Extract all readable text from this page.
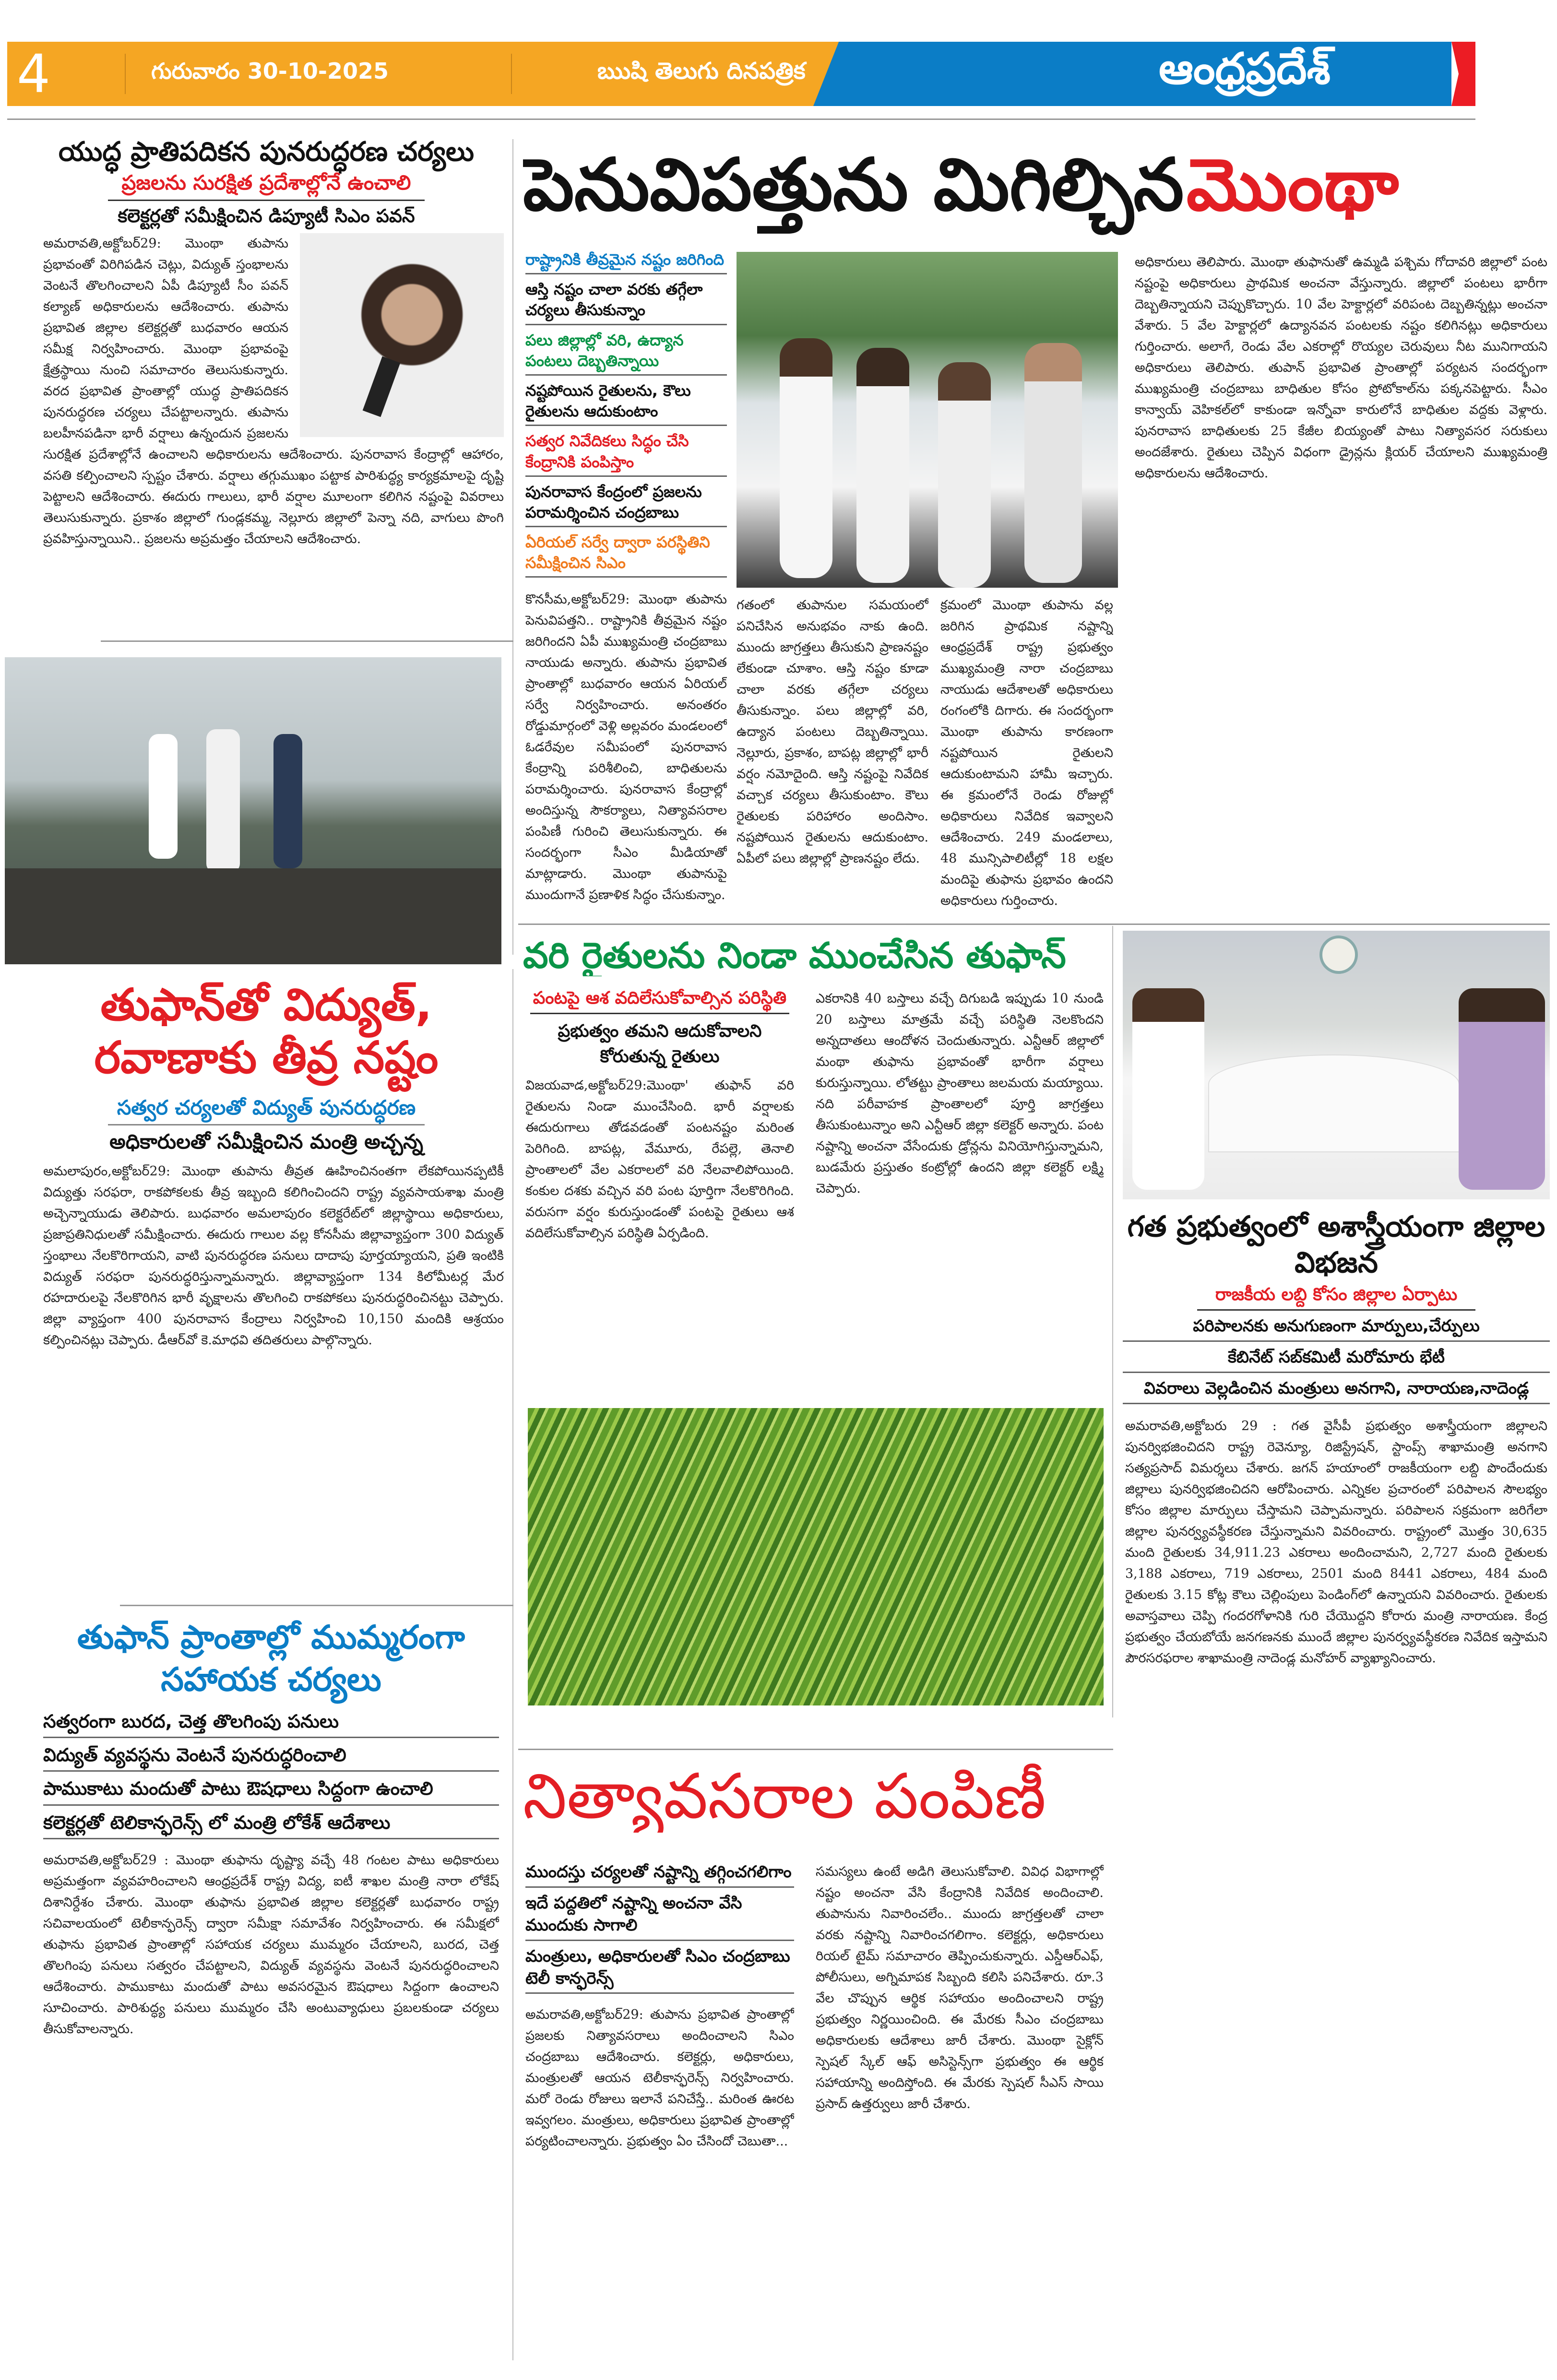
4	గురువారం 30-10-2025	ఋషి తెలుగు దినపత్రిక	ఆంధ్రప్రదేశ్
యుద్ధ ప్రాతిపదికన పునరుద్ధరణ చర్యలు
ప్రజలను సురక్షిత ప్రదేశాల్లోనే ఉంచాలి
కలెక్టర్లతో సమీక్షించిన డిప్యూటీ సిఎం పవన్
అమరావతి,అక్టోబర్29: మొంథా తుపాను ప్రభావంతో విరిగిపడిన చెట్లు, విద్యుత్ స్తంభాలను వెంటనే తొలగించాలని ఏపీ డిప్యూటీ సీం పవన్ కల్యాణ్ అధికారులను ఆదేశించారు. తుపాను ప్రభావిత జిల్లాల కలెక్టర్లతో బుధవారం ఆయన సమీక్ష నిర్వహించారు. మొంథా ప్రభావంపై క్షేత్రస్థాయి నుంచి సమాచారం తెలుసుకున్నారు. వరద ప్రభావిత ప్రాంతాల్లో యుద్ధ ప్రాతిపదికన పునరుద్ధరణ చర్యలు చేపట్టాలన్నారు. తుపాను బలహీనపడినా భారీ వర్షాలు ఉన్నందున ప్రజలను సురక్షిత ప్రదేశాల్లోనే ఉంచాలని అధికారులను ఆదేశించారు. పునరావాస కేంద్రాల్లో ఆహారం, వసతి కల్పించాలని స్పష్టం చేశారు. వర్షాలు తగ్గుముఖం పట్టాక పారిశుద్ధ్య కార్యక్రమాలపై దృష్టి పెట్టాలని ఆదేశించారు. ఈదురు గాలులు, భారీ వర్షాల మూలంగా కలిగిన నష్టంపై వివరాలు తెలుసుకున్నారు. ప్రకాశం జిల్లాలో గుండ్లకమ్మ, నెల్లూరు జిల్లాలో పెన్నా నది, వాగులు పొంగి ప్రవహిస్తున్నాయిని.. ప్రజలను అప్రమత్తం చేయాలని ఆదేశించారు.
పెనువిపత్తును మిగిల్చిన మొంథా
రాష్ట్రానికి తీవ్రమైన నష్టం జరిగింది
ఆస్తి నష్టం చాలా వరకు తగ్గేలా చర్యలు తీసుకున్నాం
పలు జిల్లాల్లో వరి, ఉద్యాన పంటలు దెబ్బతిన్నాయి
నష్టపోయిన రైతులను, కౌలు రైతులను ఆదుకుంటాం
సత్వర నివేదికలు సిద్ధం చేసి కేంద్రానికి పంపిస్తాం
పునరావాస కేంద్రంలో ప్రజలను పరామర్శించిన చంద్రబాబు
ఏరియల్ సర్వే ద్వారా పరస్థితిని సమీక్షించిన సిఎం
కొనసీమ,అక్టోబర్29: మొంథా తుపాను పెనువిపత్తని.. రాష్ట్రానికి తీవ్రమైన నష్టం జరిగిందని ఏపీ ముఖ్యమంత్రి చంద్రబాబు నాయుడు అన్నారు. తుపాను ప్రభావిత ప్రాంతాల్లో బుధవారం ఆయన ఏరియల్ సర్వే నిర్వహించారు. అనంతరం రోడ్డుమార్గంలో వెళ్లి అల్లవరం మండలంలో ఓడరేవుల సమీపంలో పునరావాస కేంద్రాన్ని పరిశీలించి, బాధితులను పరామర్శించారు. పునరావాస కేంద్రాల్లో అందిస్తున్న సౌకర్యాలు, నిత్యావసరాల పంపిణీ గురించి తెలుసుకున్నారు. ఈ సందర్భంగా సీఎం మీడియాతో మాట్లాడారు. మొంథా తుపానుపై ముందుగానే ప్రణాళిక సిద్ధం చేసుకున్నాం.
అధికారులు తెలిపారు. మొంథా తుఫానుతో ఉమ్మడి పశ్చిమ గోదావరి జిల్లాలో పంట నష్టంపై అధికారులు ప్రాథమిక అంచనా వేస్తున్నారు. జిల్లాలో పంటలు భారీగా దెబ్బతిన్నాయని చెప్పుకొచ్చారు. 10 వేల హెక్టార్లలో వరిపంట దెబ్బతిన్నట్లు అంచనా వేశారు. 5 వేల హెక్టార్లలో ఉద్యానవన పంటలకు నష్టం కలిగినట్లు అధికారులు గుర్తించారు. అలాగే, రెండు వేల ఎకరాల్లో రొయ్యల చెరువులు నీట మునిగాయని అధికారులు తెలిపారు. తుపాన్ ప్రభావిత ప్రాంతాల్లో పర్యటన సందర్భంగా ముఖ్యమంత్రి చంద్రబాబు బాధితుల కోసం ప్రోటోకాల్‌ను పక్కనపెట్టారు. సీఎం కాన్వాయ్ వెహికల్‌లో కాకుండా ఇన్నోవా కారులోనే బాధితుల వద్దకు వెళ్లారు. పునరావాస బాధితులకు 25 కేజీల బియ్యంతో పాటు నిత్యావసర సరుకులు అందజేశారు. రైతులు చెప్పిన విధంగా డ్రైన్లను క్లియర్ చేయాలని ముఖ్యమంత్రి అధికారులను ఆదేశించారు.
గతంలో తుపానుల సమయంలో పనిచేసిన అనుభవం నాకు ఉంది. ముందు జాగ్రత్తలు తీసుకుని ప్రాణనష్టం లేకుండా చూశాం. ఆస్తి నష్టం కూడా చాలా వరకు తగ్గేలా చర్యలు తీసుకున్నాం. పలు జిల్లాల్లో వరి, ఉద్యాన పంటలు దెబ్బతిన్నాయి. నెల్లూరు, ప్రకాశం, బాపట్ల జిల్లాల్లో భారీ వర్షం నమోదైంది. ఆస్తి నష్టంపై నివేదిక వచ్చాక చర్యలు తీసుకుంటాం. కౌలు రైతులకు పరిహారం అందిసాం. నష్టపోయిన రైతులను ఆదుకుంటాం. ఏపీలో పలు జిల్లాల్లో ప్రాణనష్టం లేదు.
క్రమంలో మొంథా తుపాను వల్ల జరిగిన ప్రాథమిక నష్టాన్ని ఆంధ్రప్రదేశ్ రాష్ట్ర ప్రభుత్వం ముఖ్యమంత్రి నారా చంద్రబాబు నాయుడు ఆదేశాలతో అధికారులు రంగంలోకి దిగారు. ఈ సందర్భంగా మొంథా తుపాను కారణంగా నష్టపోయిన రైతులని ఆదుకుంటామని హామీ ఇచ్చారు. ఈ క్రమంలోనే రెండు రోజుల్లో అధికారులు నివేదిక ఇవ్వాలని ఆదేశించారు. 249 మండలాలు, 48 మున్సిపాలిటీల్లో 18 లక్షల మందిపై తుఫాను ప్రభావం ఉందని అధికారులు గుర్తించారు.
తుఫాన్‌తో విద్యుత్, రవాణాకు తీవ్ర నష్టం
సత్వర చర్యలతో విద్యుత్ పునరుద్ధరణ
అధికారులతో సమీక్షించిన మంత్రి అచ్చన్న
అమలాపురం,అక్టోబర్29: మొంథా తుపాను తీవ్రత ఊహించినంతగా లేకపోయినప్పటికీ విద్యుత్తు సరఫరా, రాకపోకలకు తీవ్ర ఇబ్బంది కలిగించిందని రాష్ట్ర వ్యవసాయశాఖ మంత్రి అచ్చెన్నాయుడు తెలిపారు. బుధవారం అమలాపురం కలెక్టరేట్‌లో జిల్లాస్థాయి అధికారులు, ప్రజాప్రతినిధులతో సమీక్షించారు. ఈదురు గాలుల వల్ల కోనసీమ జిల్లావ్యాప్తంగా 300 విద్యుత్ స్తంభాలు నేలకొరిగాయని, వాటి పునరుద్ధరణ పనులు దాదాపు పూర్తయ్యాయని, ప్రతి ఇంటికి విద్యుత్ సరఫరా పునరుద్ధరిస్తున్నామన్నారు. జిల్లావ్యాప్తంగా 134 కిలోమీటర్ల మేర రహదారులపై నేలకొరిగిన భారీ వృక్షాలను తొలగించి రాకపోకలు పునరుద్ధరించినట్టు చెప్పారు. జిల్లా వ్యాప్తంగా 400 పునరావాస కేంద్రాలు నిర్వహించి 10,150 మందికి ఆశ్రయం కల్పించినట్లు చెప్పారు. డీఆర్‌వో కె.మాధవి తదితరులు పాల్గొన్నారు.
తుఫాన్ ప్రాంతాల్లో ముమ్మరంగా సహాయక చర్యలు
సత్వరంగా బురద, చెత్త తొలగింపు పనులు
విద్యుత్ వ్యవస్థను వెంటనే పునరుద్ధరించాలి
పాముకాటు మందుతో పాటు ఔషధాలు సిద్దంగా ఉంచాలి
కలెక్టర్లతో టెలికాన్ఫరెన్స్ లో మంత్రి లోకేశ్ ఆదేశాలు
అమరావతి,అక్టోబర్29 : మొంథా తుఫాను దృష్ట్యా వచ్చే 48 గంటల పాటు అధికారులు అప్రమత్తంగా వ్యవహరించాలని ఆంధ్రప్రదేశ్ రాష్ట్ర విద్య, ఐటీ శాఖల మంత్రి నారా లోకేష్ దిశానిర్దేశం చేశారు. మొంథా తుఫాను ప్రభావిత జిల్లాల కలెక్టర్లతో బుధవారం రాష్ట్ర సచివాలయంలో టెలీకాన్ఫరెన్స్ ద్వారా సమీక్షా సమావేశం నిర్వహించారు. ఈ సమీక్షలో తుఫాను ప్రభావిత ప్రాంతాల్లో సహాయక చర్యలు ముమ్మరం చేయాలని, బురద, చెత్త తొలగింపు పనులు సత్వరం చేపట్టాలని, విద్యుత్ వ్యవస్థను వెంటనే పునరుద్ధరించాలని ఆదేశించారు. పాముకాటు మందుతో పాటు అవసరమైన ఔషధాలు సిద్దంగా ఉంచాలని సూచించారు. పారిశుద్ధ్య పనులు ముమ్మరం చేసి అంటువ్యాధులు ప్రబలకుండా చర్యలు తీసుకోవాలన్నారు.
వరి రైతులను నిండా ముంచేసిన తుఫాన్
పంటపై ఆశ వదిలేసుకోవాల్సిన పరిస్థితి
ప్రభుత్వం తమని ఆదుకోవాలని కోరుతున్న రైతులు
విజయవాడ,అక్టోబర్29:మొంథా' తుఫాన్ వరి రైతులను నిండా ముంచేసింది. భారీ వర్షాలకు ఈదురుగాలు తోడవడంతో పంటనష్టం మరింత పెరిగింది. బాపట్ల, వేమూరు, రేపల్లె, తెనాలి ప్రాంతాలలో వేల ఎకరాలలో వరి నేలవాలిపోయింది. కంకుల దశకు వచ్చిన వరి పంట పూర్తిగా నేలకొరిగింది. వరుసగా వర్షం కురుస్తుండంతో పంటపై రైతులు ఆశ వదిలేసుకోవాల్సిన పరిస్థితి ఏర్పడింది.
ఎకరానికి 40 బస్తాలు వచ్చే దిగుబడి ఇప్పుడు 10 నుండి 20 బస్తాలు మాత్రమే వచ్చే పరిస్థితి నెలకొందని అన్నదాతలు ఆందోళన చెందుతున్నారు. ఎన్టీఆర్ జిల్లాలో మంథా తుఫాను ప్రభావంతో భారీగా వర్షాలు కురుస్తున్నాయి. లోతట్టు ప్రాంతాలు జలమయ మయ్యాయి. నది పరీవాహక ప్రాంతాలలో పూర్తి జాగ్రత్తలు తీసుకుంటున్నాం అని ఎన్టీఆర్ జిల్లా కలెక్టర్ అన్నారు. పంట నష్టాన్ని అంచనా వేసేందుకు డ్రోన్లను వినియోగిస్తున్నామని, బుడమేరు ప్రస్తుతం కంట్రోల్లో ఉందని జిల్లా కలెక్టర్ లక్ష్మి చెప్పారు.
గత ప్రభుత్వంలో అశాస్త్రీయంగా జిల్లాల విభజన
రాజకీయ లబ్ది కోసం జిల్లాల ఏర్పాటు
పరిపాలనకు అనుగుణంగా మార్పులు,చేర్పులు
కేబినేట్ సబ్‌కమిటీ మరోమారు భేటీ
వివరాలు వెల్లడించిన మంత్రులు అనగాని, నారాయణ,నాదెండ్ల
అమరావతి,అక్టోబరు 29 : గత వైసీపీ ప్రభుత్వం అశాస్త్రీయంగా జిల్లాలని పునర్విభజించిదని రాష్ట్ర రెవెన్యూ, రిజిస్ట్రేషన్, స్టాంప్స్ శాఖామంత్రి అనగాని సత్యప్రసాద్ విమర్శలు చేశారు. జగన్ హయాంలో రాజకీయంగా లబ్ది పొందేందుకు జిల్లాలు పునర్విభజించిదని ఆరోపించారు. ఎన్నికల ప్రచారంలో పరిపాలన సౌలభ్యం కోసం జిల్లాల మార్పులు చేస్తామని చెప్పామన్నారు. పరిపాలన సక్రమంగా జరిగేలా జిల్లాల పునర్వ్యవస్థీకరణ చేస్తున్నామని వివరించారు. రాష్ట్రంలో మొత్తం 30,635 మంది రైతులకు 34,911.23 ఎకరాలు అందించామని, 2,727 మంది రైతులకు 3,188 ఎకరాలు, 719 ఎకరాలు, 2501 మంది 8441 ఎకరాలు, 484 మంది రైతులకు 3.15 కోట్ల కౌలు చెల్లింపులు పెండింగ్‌లో ఉన్నాయని వివరించారు. రైతులకు అవాస్తవాలు చెప్పి గందరగోళానికి గురి చేయొద్దని కోరారు మంత్రి నారాయణ. కేంద్ర ప్రభుత్వం చేయబోయే జనగణనకు ముందే జిల్లాల పునర్వ్యవస్థీకరణ నివేదిక ఇస్తామని పౌరసరఫరాల శాఖామంత్రి నాదెండ్ల మనోహర్ వ్యాఖ్యానించారు.
నిత్యావసరాల పంపిణీ
ముందస్తు చర్యలతో నష్టాన్ని తగ్గించగలిగాం
ఇదే పద్దతిలో నష్టాన్ని అంచనా వేసి ముందుకు సాగాలి
మంత్రులు, అధికారులతో సిఎం చంద్రబాబు టెలీ కాన్ఫరెన్స్
అమరావతి,అక్టోబర్29: తుపాను ప్రభావిత ప్రాంతాల్లో ప్రజలకు నిత్యావసరాలు అందించాలని సిఎం చంద్రబాబు ఆదేశించారు. కలెక్టర్లు, అధికారులు, మంత్రులతో ఆయన టెలీకాన్ఫరెన్స్ నిర్వహించారు. మరో రెండు రోజులు ఇలానే పనిచేస్తే.. మరింత ఊరట ఇవ్వగలం. మంత్రులు, అధికారులు ప్రభావిత ప్రాంతాల్లో పర్యటించాలన్నారు. ప్రభుత్వం ఏం చేసిందో చెబుతా...
సమస్యలు ఉంటే అడిగి తెలుసుకోవాలి. వివిధ విభాగాల్లో నష్టం అంచనా వేసి కేంద్రానికి నివేదిక అందించాలి. తుపానును నివారించలేం.. ముందు జాగ్రత్తలతో చాలా వరకు నష్టాన్ని నివారించగలిగాం. కలెక్టర్లు, అధికారులు రియల్ టైమ్ సమాచారం తెప్పించుకున్నారు. ఎస్డీఆర్ఎఫ్, పోలీసులు, అగ్నిమాపక సిబ్బంది కలిసి పనిచేశారు. రూ.3 వేల చొప్పున ఆర్థిక సహాయం అందించాలని రాష్ట్ర ప్రభుత్వం నిర్ణయించింది. ఈ మేరకు సీఎం చంద్రబాబు అధికారులకు ఆదేశాలు జారీ చేశారు. మొంథా సైక్లోన్ స్పెషల్ స్కేల్ ఆఫ్ అసిస్టెన్స్‌గా ప్రభుత్వం ఈ ఆర్థిక సహాయాన్ని అందిస్తోంది. ఈ మేరకు స్పెషల్ సీఎస్ సాయి ప్రసాద్ ఉత్తర్వులు జారీ చేశారు.
